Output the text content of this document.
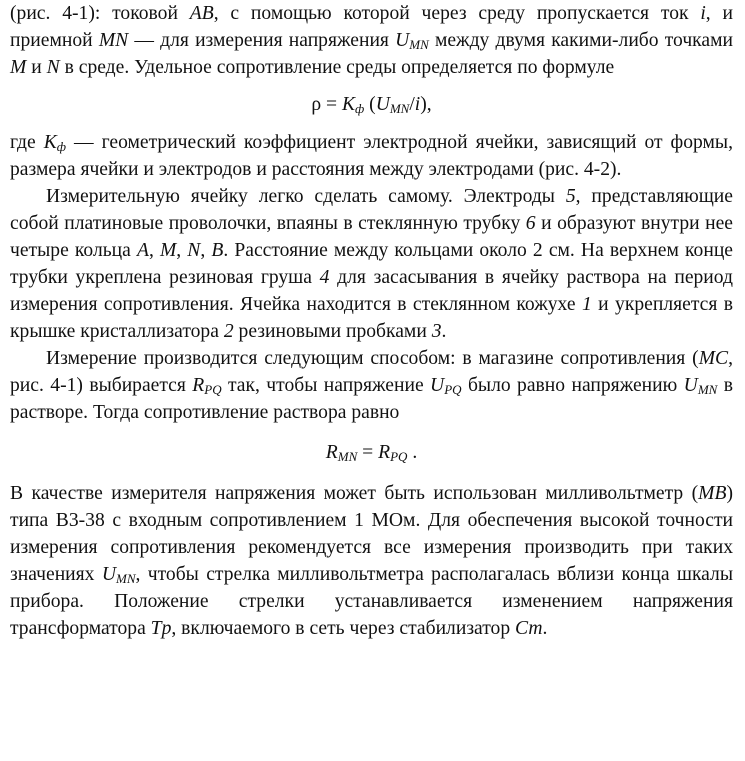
(рис. 4-1): токовой AB, с помощью которой через среду пропускается ток i, и приемной MN — для измерения напряжения $U_{MN}$ между двумя какими-либо точками M и N в среде. Удельное сопротивление среды определяется по формуле

$\rho = K_ф$ $(U_{MN}/i)$,

где $K_ф$ — геометрический коэффициент электродной ячейки, зависящий от формы, размера ячейки и электродов и расстояния между электродами (рис. 4-2).

Измерительную ячейку легко сделать самому. Электроды 5, представляющие собой платиновые проволочки, впаяны в стеклянную трубку 6 и образуют внутри нее четыре кольца A, M, N, B. Расстояние между кольцами около 2 см. На верхнем конце трубки укреплена резиновая груша 4 для засасывания в ячейку раствора на период измерения сопротивления. Ячейка находится в стеклянном кожухе 1 и укрепляется в крышке кристаллизатора 2 резиновыми пробками 3.

Измерение производится следующим способом: в магазине сопротивления (MC, рис. 4-1) выбирается $R_{PQ}$ так, чтобы напряжение $U_{PQ}$ было равно напряжению $U_{MN}$ в растворе. Тогда сопротивление раствора равно

$R_{MN} = R_{PQ}$ .

В качестве измерителя напряжения может быть использован милливольтметр (MB) типа В3-38 с входным сопротивлением 1 МОм. Для обеспечения высокой точности измерения сопротивления рекомендуется все измерения производить при таких значениях $U_{MN}$, чтобы стрелка милливольтметра располагалась вблизи конца шкалы прибора. Положение стрелки устанавливается изменением напряжения трансформатора Tp, включаемого в сеть через стабилизатор Ст.
